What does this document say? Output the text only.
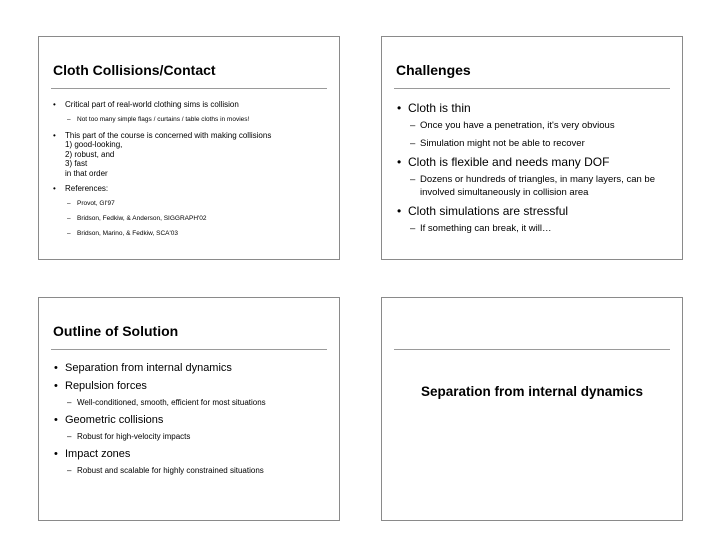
Cloth Collisions/Contact
• Critical part of real-world clothing sims is collision
– Not too many simple flags / curtains / table cloths in movies!
• This part of the course is concerned with making collisions
1) good-looking,
2) robust, and
3) fast
in that order
• References:
– Provot, GI'97
– Bridson, Fedkiw, & Anderson, SIGGRAPH'02
– Bridson, Marino, & Fedkiw, SCA'03
Challenges
• Cloth is thin
– Once you have a penetration, it's very obvious
– Simulation might not be able to recover
• Cloth is flexible and needs many DOF
– Dozens or hundreds of triangles, in many layers, can be involved simultaneously in collision area
• Cloth simulations are stressful
– If something can break, it will…
Outline of Solution
• Separation from internal dynamics
• Repulsion forces
– Well-conditioned, smooth, efficient for most situations
• Geometric collisions
– Robust for high-velocity impacts
• Impact zones
– Robust and scalable for highly constrained situations
Separation from internal dynamics
